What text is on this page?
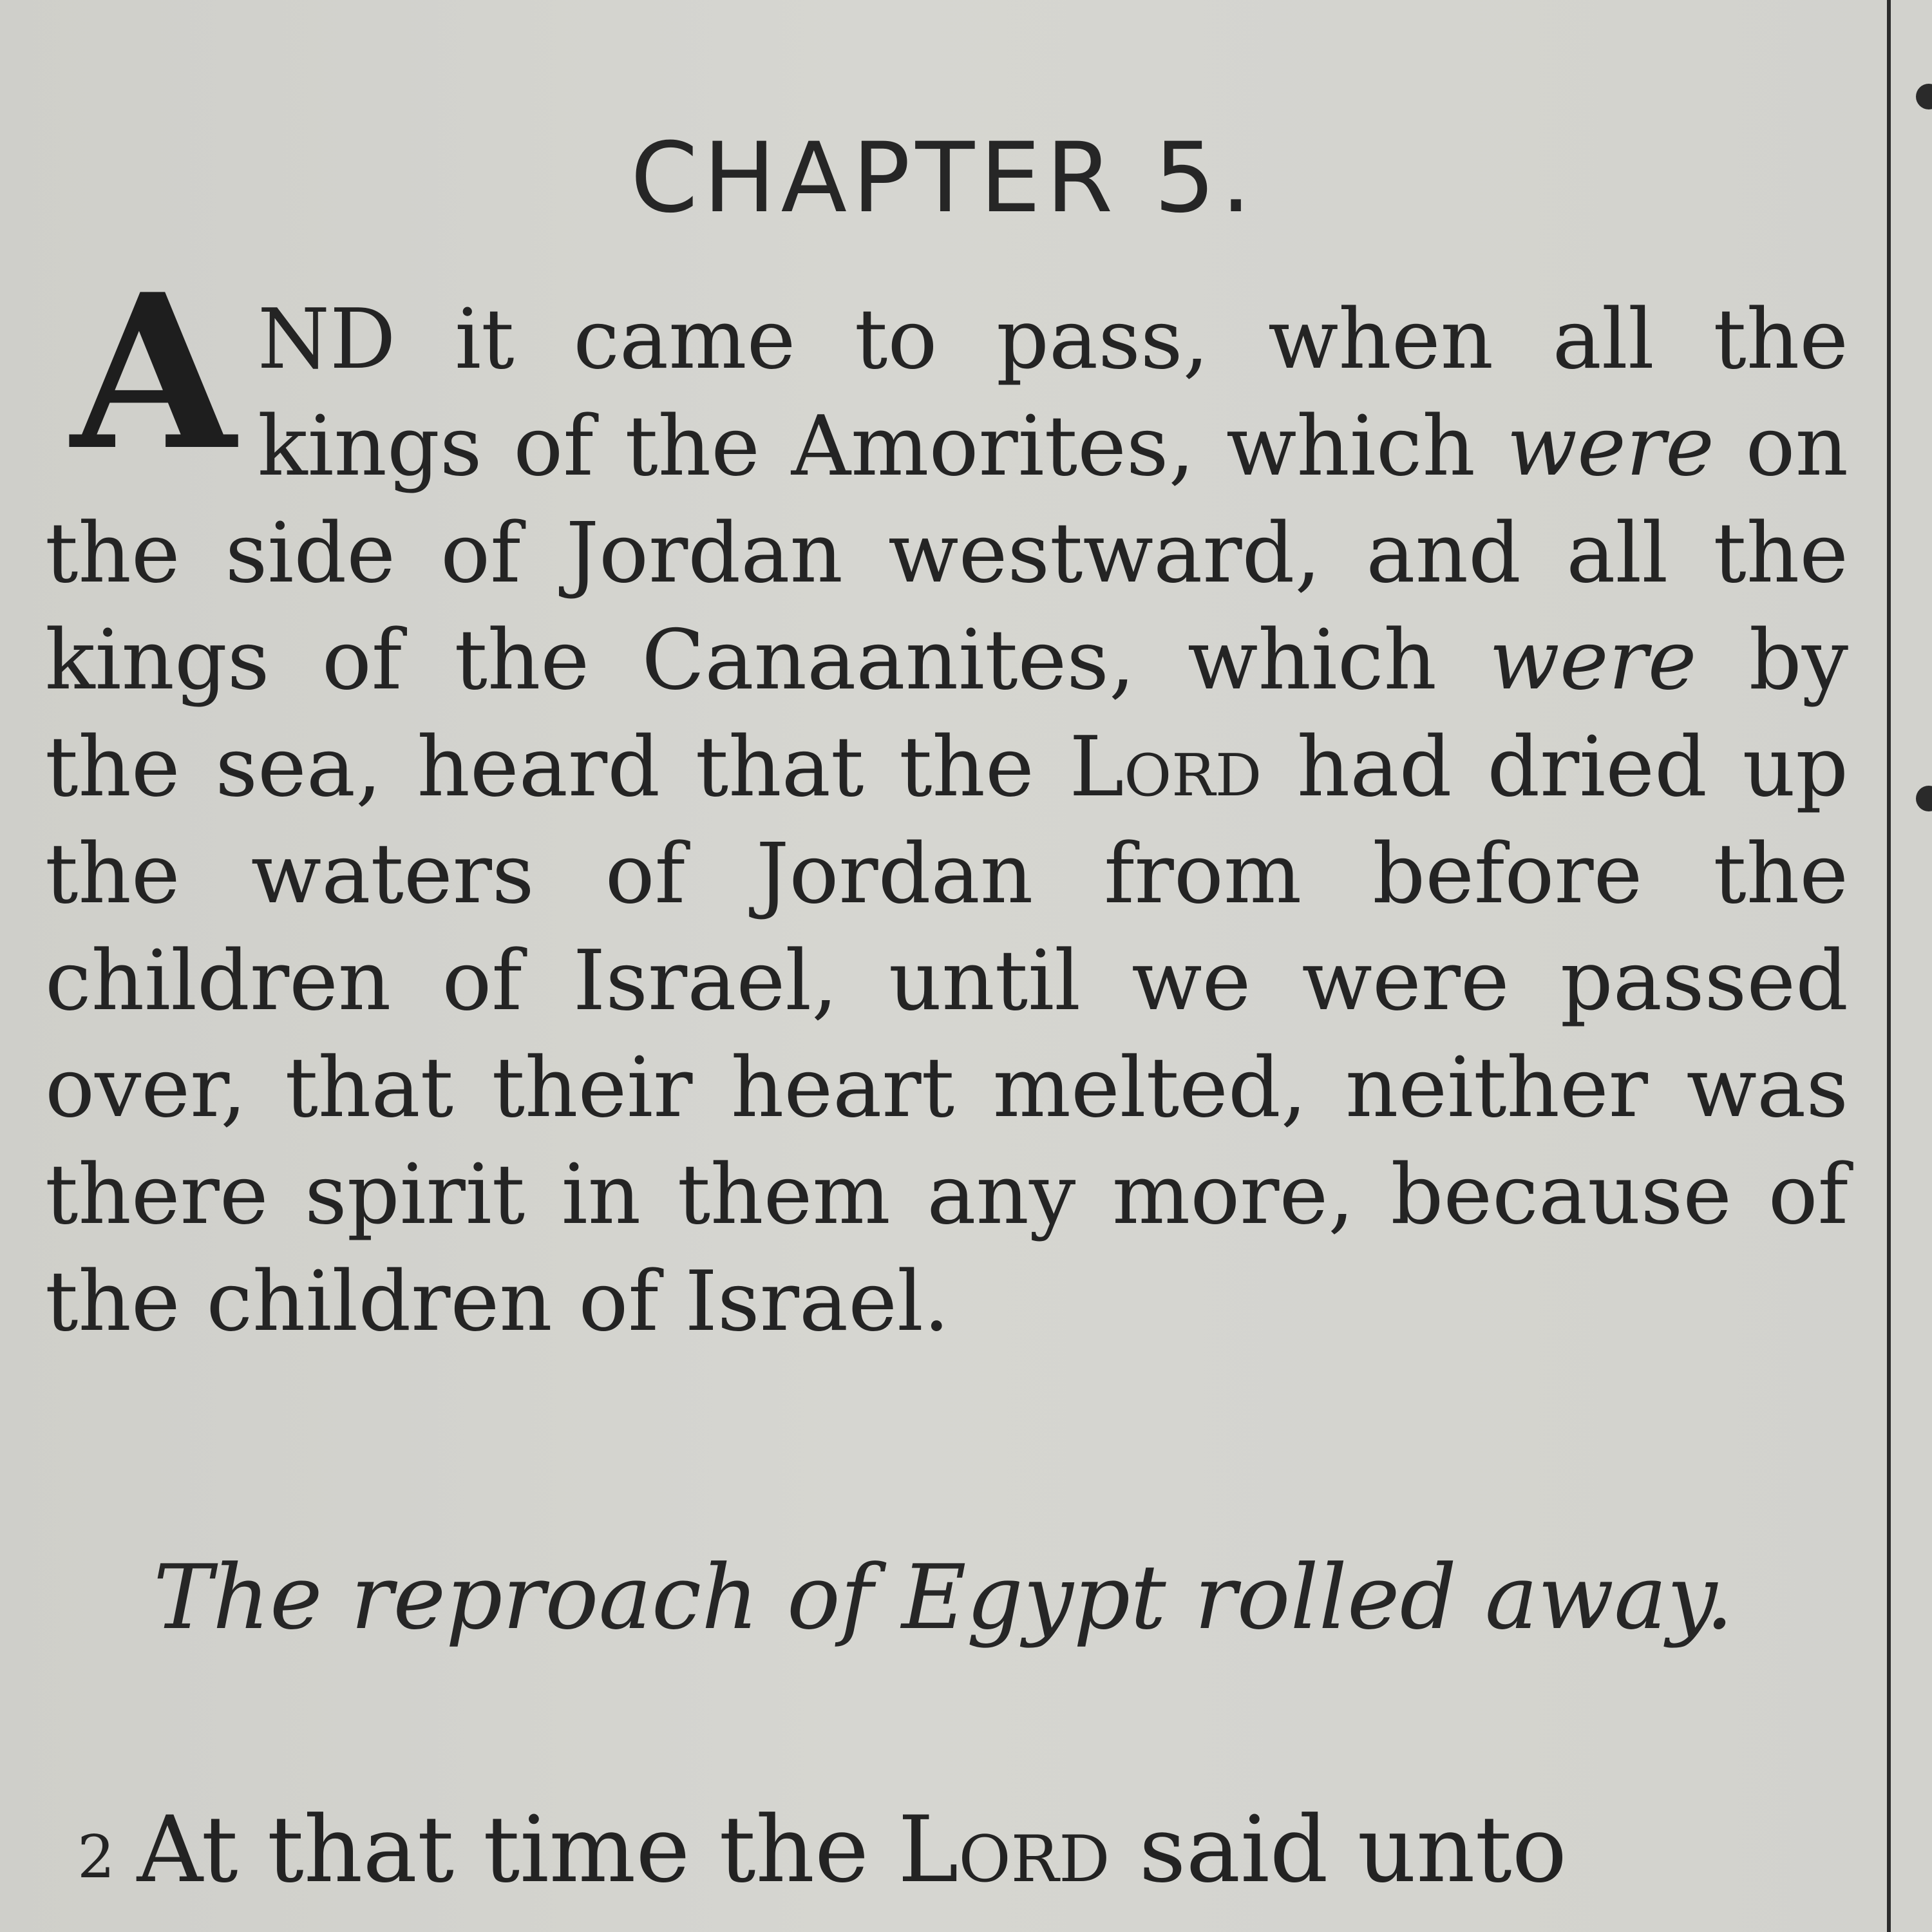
CHAPTER 5.
AND it came to pass, when all the kings of the Amorites, which were on the side of Jordan westward, and all the kings of the Canaanites, which were by the sea, heard that the Lord had dried up the waters of Jordan from before the children of Israel, until we were passed over, that their heart melted, neither was there spirit in them any more, because of the children of Israel.
The reproach of Egypt rolled away.
2 At that time the Lord said unto
